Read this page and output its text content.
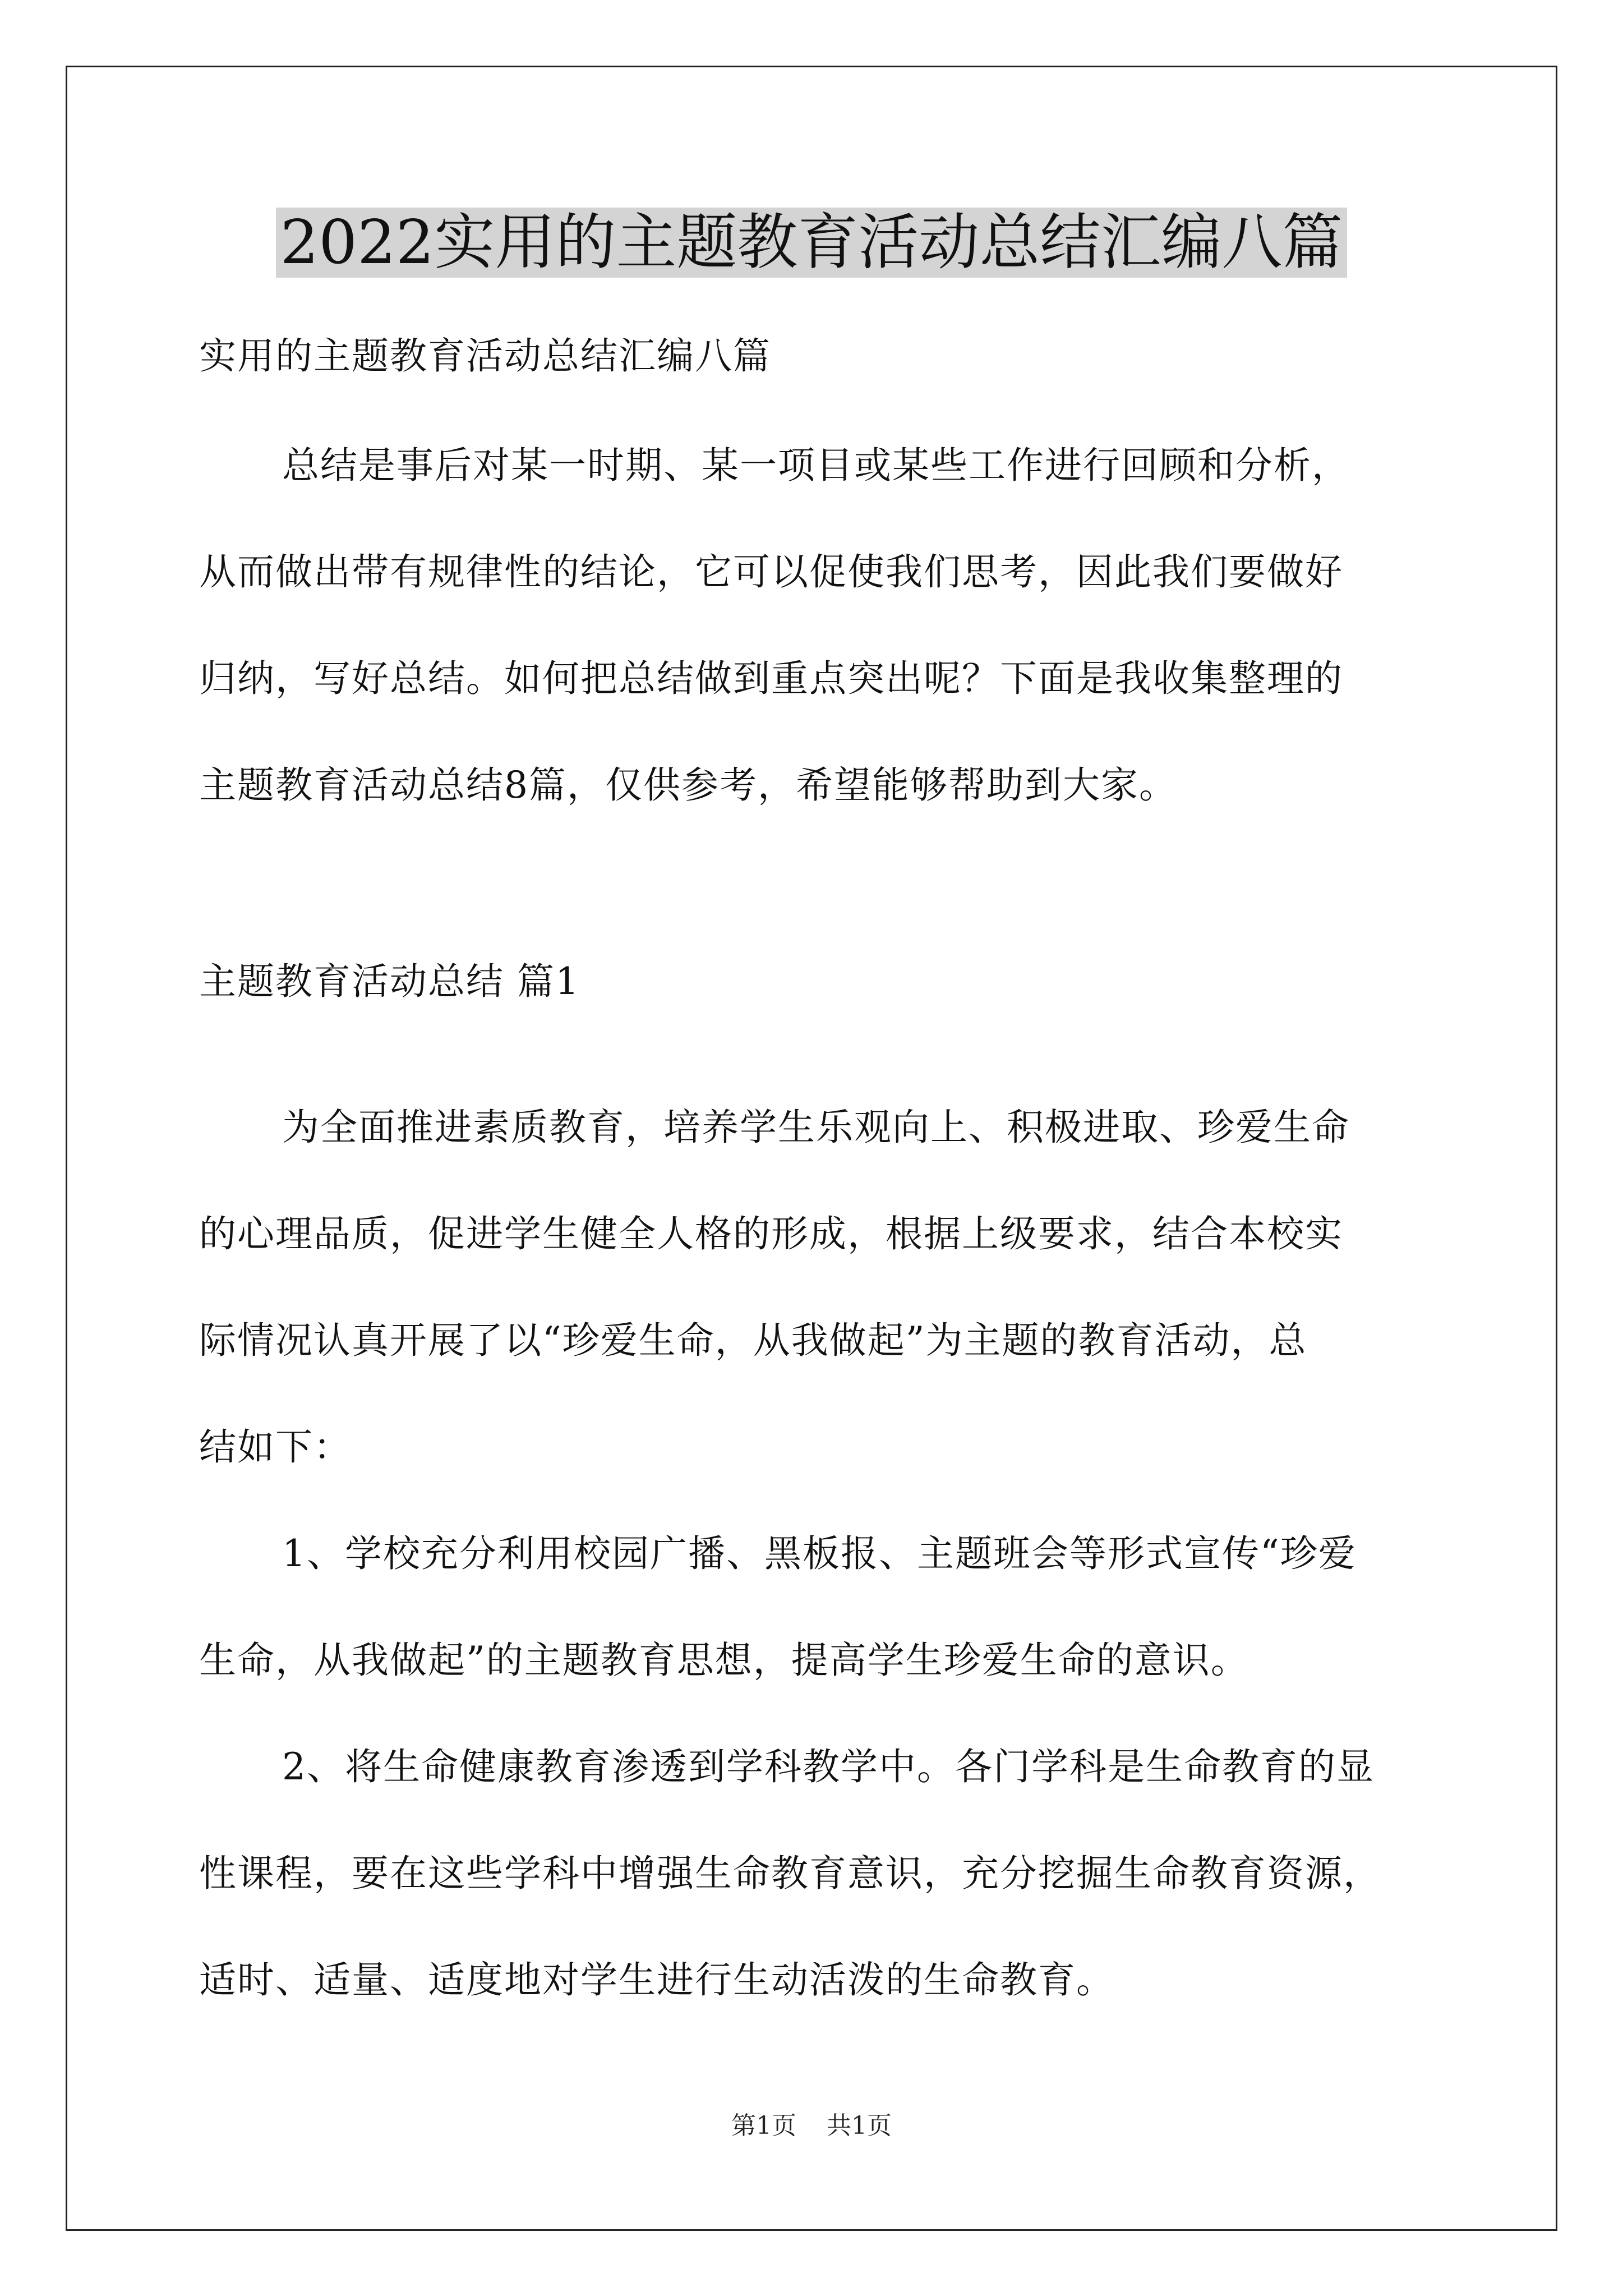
2022实用的主题教育活动总结汇编八篇

实用的主题教育活动总结汇编八篇

总结是事后对某一时期、某一项目或某些工作进行回顾和分析，

从而做出带有规律性的结论，它可以促使我们思考，因此我们要做好

归纳，写好总结。如何把总结做到重点突出呢？下面是我收集整理的

主题教育活动总结8篇，仅供参考，希望能够帮助到大家。

主题教育活动总结 篇1

为全面推进素质教育，培养学生乐观向上、积极进取、珍爱生命

的心理品质，促进学生健全人格的形成，根据上级要求，结合本校实

际情况认真开展了以“珍爱生命，从我做起”为主题的教育活动，总

结如下：

1、学校充分利用校园广播、黑板报、主题班会等形式宣传“珍爱

生命，从我做起”的主题教育思想，提高学生珍爱生命的意识。

2、将生命健康教育渗透到学科教学中。各门学科是生命教育的显

性课程，要在这些学科中增强生命教育意识，充分挖掘生命教育资源，

适时、适量、适度地对学生进行生动活泼的生命教育。

第1页 共1页
